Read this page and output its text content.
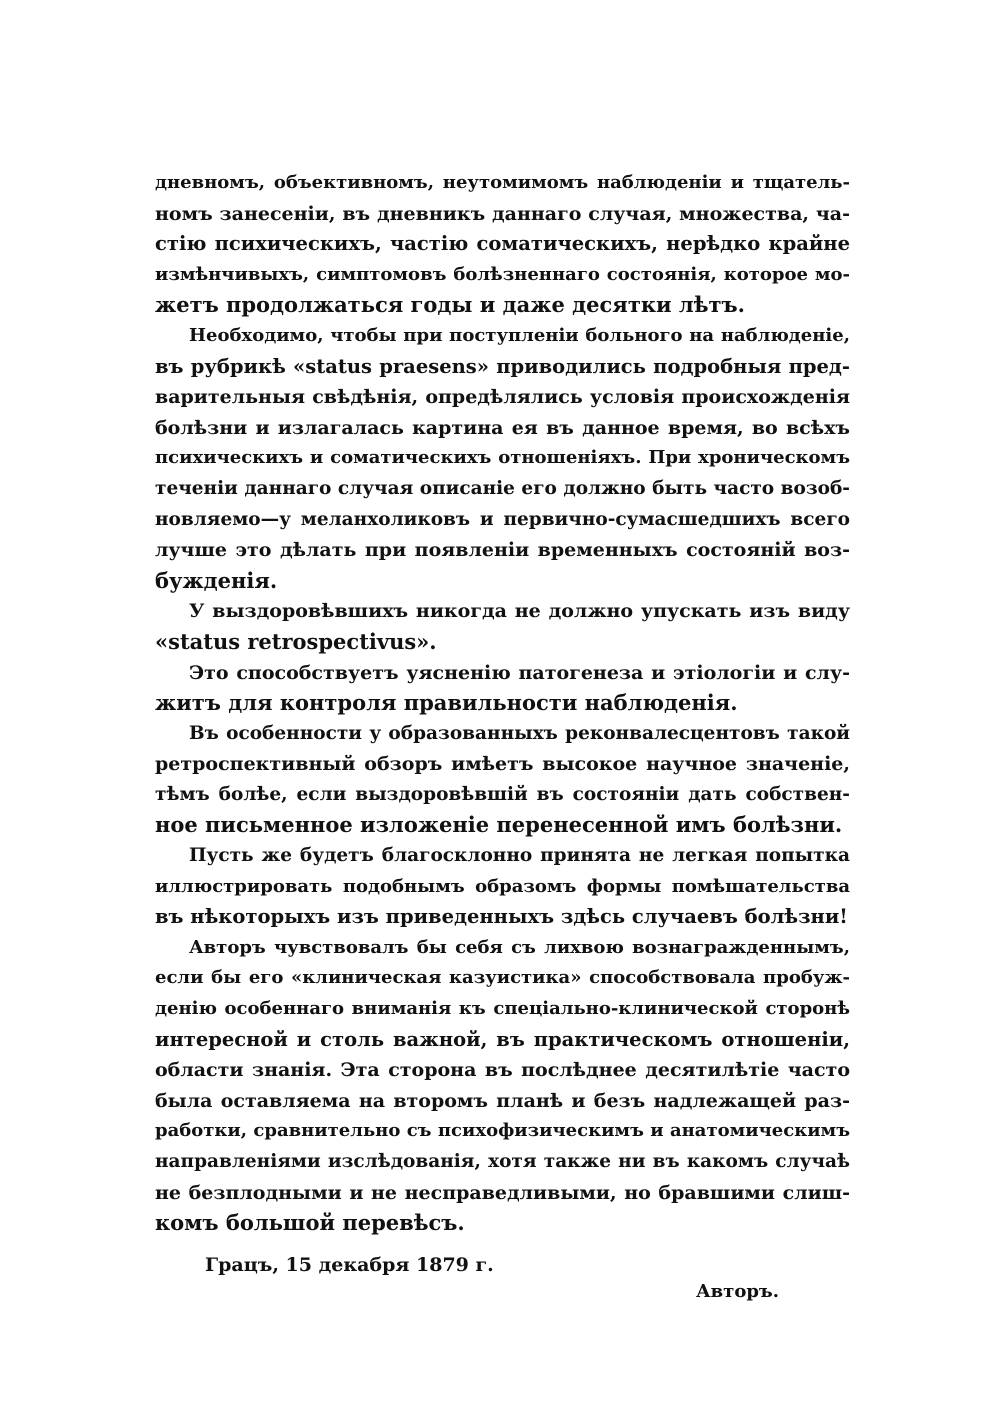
дневномъ, объективномъ, неутомимомъ наблюденіи и тщатель-
номъ занесеніи, въ дневникъ даннаго случая, множества, ча-
стію психическихъ, частію соматическихъ, нерѣдко крайне
измѣнчивыхъ, симптомовъ болѣзненнаго состоянія, которое мо-
жетъ продолжаться годы и даже десятки лѣтъ.
Необходимо, чтобы при поступленіи больного на наблюденіе,
въ рубрикѣ «status praesens» приводились подробныя пред-
варительныя свѣдѣнія, опредѣлялись условія происхожденія
болѣзни и излагалась картина ея въ данное время, во всѣхъ
психическихъ и соматическихъ отношеніяхъ. При хроническомъ
теченіи даннаго случая описаніе его должно быть часто возоб-
новляемо—у меланхоликовъ и первично-сумасшедшихъ всего
лучше это дѣлать при появленіи временныхъ состояній воз-
бужденія.
У выздоровѣвшихъ никогда не должно упускать изъ виду
«status retrospectivus».
Это способствуетъ уясненію патогенеза и этіологіи и слу-
житъ для контроля правильности наблюденія.
Въ особенности у образованныхъ реконвалесцентовъ такой
ретроспективный обзоръ имѣетъ высокое научное значеніе,
тѣмъ болѣе, если выздоровѣвшій въ состояніи дать собствен-
ное письменное изложеніе перенесенной имъ болѣзни.
Пусть же будетъ благосклонно принята не легкая попытка
иллюстрировать подобнымъ образомъ формы помѣшательства
въ нѣкоторыхъ изъ приведенныхъ здѣсь случаевъ болѣзни!
Авторъ чувствовалъ бы себя съ лихвою вознагражденнымъ,
если бы его «клиническая казуистика» способствовала пробуж-
денію особеннаго вниманія къ спеціально-клинической сторонѣ
интересной и столь важной, въ практическомъ отношеніи,
области знанія. Эта сторона въ послѣднее десятилѣтіе часто
была оставляема на второмъ планѣ и безъ надлежащей раз-
работки, сравнительно съ психофизическимъ и анатомическимъ
направленіями изслѣдованія, хотя также ни въ какомъ случаѣ
не безплодными и не несправедливыми, но бравшими слиш-
комъ большой перевѣсъ.
Грацъ, 15 декабря 1879 г.
Авторъ.
